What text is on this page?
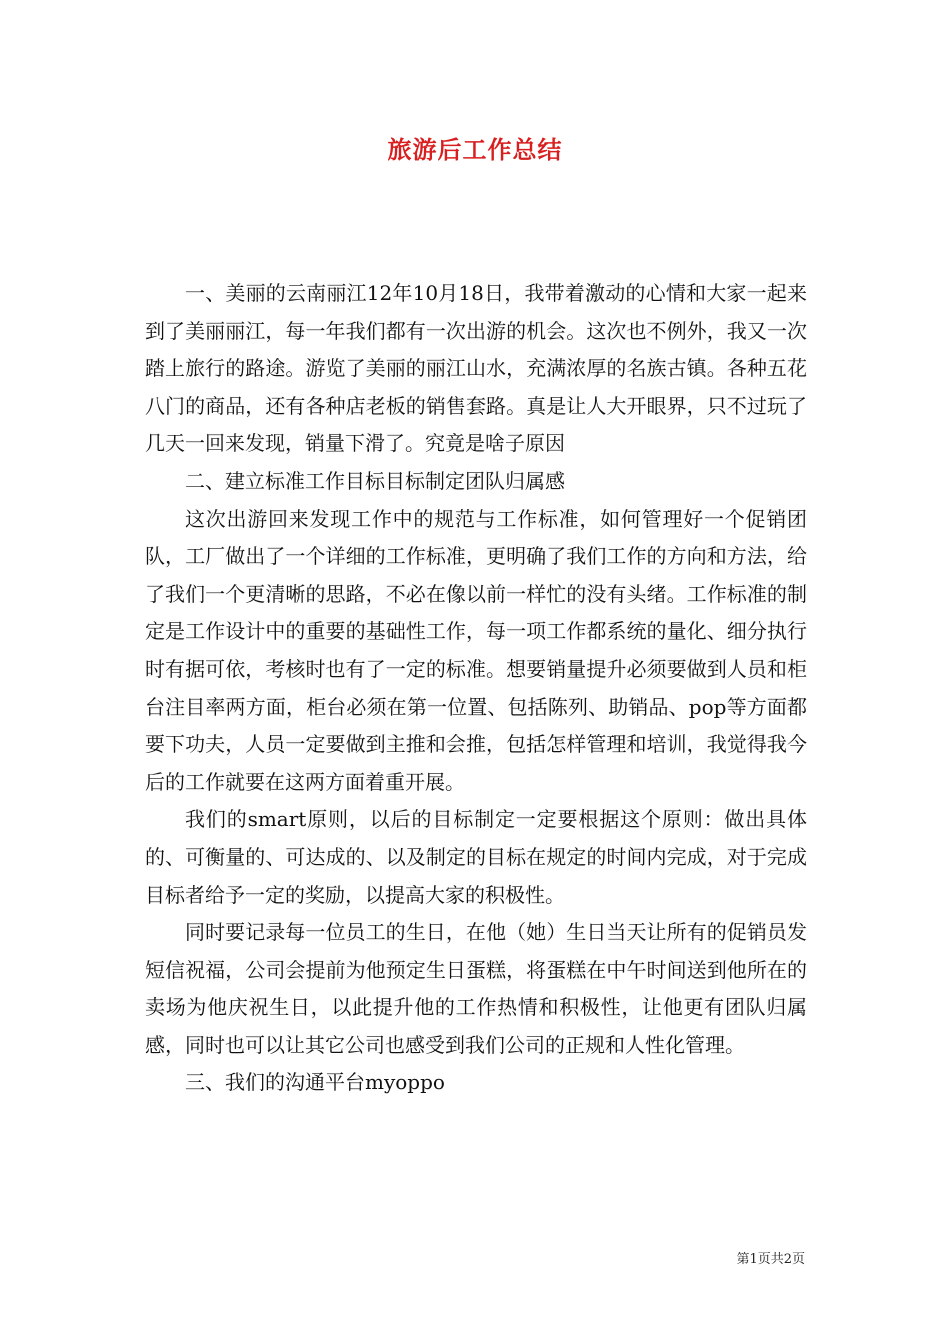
旅游后工作总结

一、美丽的云南丽江12年10月18日，我带着激动的心情和大家一起来到了美丽丽江，每一年我们都有一次出游的机会。这次也不例外，我又一次踏上旅行的路途。游览了美丽的丽江山水，充满浓厚的名族古镇。各种五花八门的商品，还有各种店老板的销售套路。真是让人大开眼界，只不过玩了几天一回来发现，销量下滑了。究竟是啥子原因

二、建立标准工作目标目标制定团队归属感

这次出游回来发现工作中的规范与工作标准，如何管理好一个促销团队，工厂做出了一个详细的工作标准，更明确了我们工作的方向和方法，给了我们一个更清晰的思路，不必在像以前一样忙的没有头绪。工作标准的制定是工作设计中的重要的基础性工作，每一项工作都系统的量化、细分执行时有据可依，考核时也有了一定的标准。想要销量提升必须要做到人员和柜台注目率两方面，柜台必须在第一位置、包括陈列、助销品、pop等方面都要下功夫，人员一定要做到主推和会推，包括怎样管理和培训，我觉得我今后的工作就要在这两方面着重开展。

我们的smart原则，以后的目标制定一定要根据这个原则：做出具体的、可衡量的、可达成的、以及制定的目标在规定的时间内完成，对于完成目标者给予一定的奖励，以提高大家的积极性。

同时要记录每一位员工的生日，在他（她）生日当天让所有的促销员发短信祝福，公司会提前为他预定生日蛋糕，将蛋糕在中午时间送到他所在的卖场为他庆祝生日，以此提升他的工作热情和积极性，让他更有团队归属感，同时也可以让其它公司也感受到我们公司的正规和人性化管理。

三、我们的沟通平台myoppo

第1页共2页
